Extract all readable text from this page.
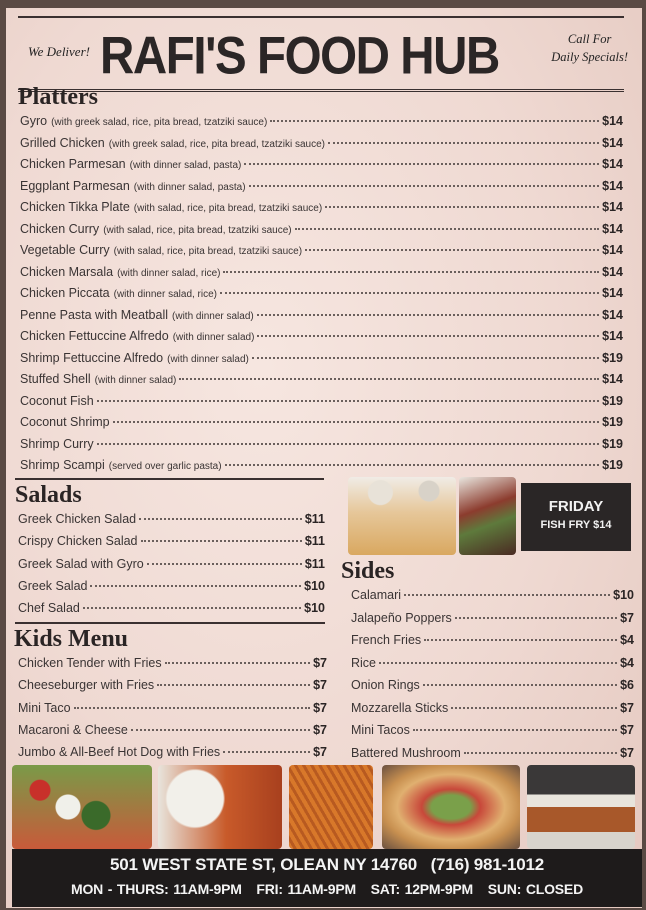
We Deliver! RAFI'S FOOD HUB	Call For
Daily Specials!
Platters
Gyro (with greek salad, rice, pita bread, tzatziki sauce)	$14
Grilled Chicken (with greek salad, rice, pita bread, tzatziki sauce)	$14
Chicken Parmesan (with dinner salad, pasta)	$14
Eggplant Parmesan (with dinner salad, pasta)	$14
Chicken Tikka Plate (with salad, rice, pita bread, tzatziki sauce)	$14
Chicken Curry (with salad, rice, pita bread, tzatziki sauce)	$14
Vegetable Curry (with salad, rice, pita bread, tzatziki sauce)	$14
Chicken Marsala (with dinner salad, rice)	$14
Chicken Piccata (with dinner salad, rice)	$14
Penne Pasta with Meatball (with dinner salad)	$14
Chicken Fettuccine Alfredo (with dinner salad)	$14
Shrimp Fettuccine Alfredo (with dinner salad)	$19
Stuffed Shell (with dinner salad)	$14
Coconut Fish	$19
Coconut Shrimp	$19
Shrimp Curry	$19
Shrimp Scampi (served over garlic pasta)	$19
Salads
Greek Chicken Salad	$11
Crispy Chicken Salad	$11
Greek Salad with Gyro	$11
Greek Salad	$10
Chef Salad	$10
Kids Menu
Chicken Tender with Fries	$7
Cheeseburger with Fries	$7
Mini Taco	$7
Macaroni & Cheese	$7
Jumbo & All-Beef Hot Dog with Fries	$7
FRIDAY
FISH FRY $14
Sides
Calamari	$10
Jalapeño Poppers	$7
French Fries	$4
Rice	$4
Onion Rings	$6
Mozzarella Sticks	$7
Mini Tacos	$7
Battered Mushroom	$7
501 WEST STATE ST, OLEAN NY 14760 (716) 981-1012
MON - THURS: 11AM-9PM FRI: 11AM-9PM SAT: 12PM-9PM SUN: CLOSED
